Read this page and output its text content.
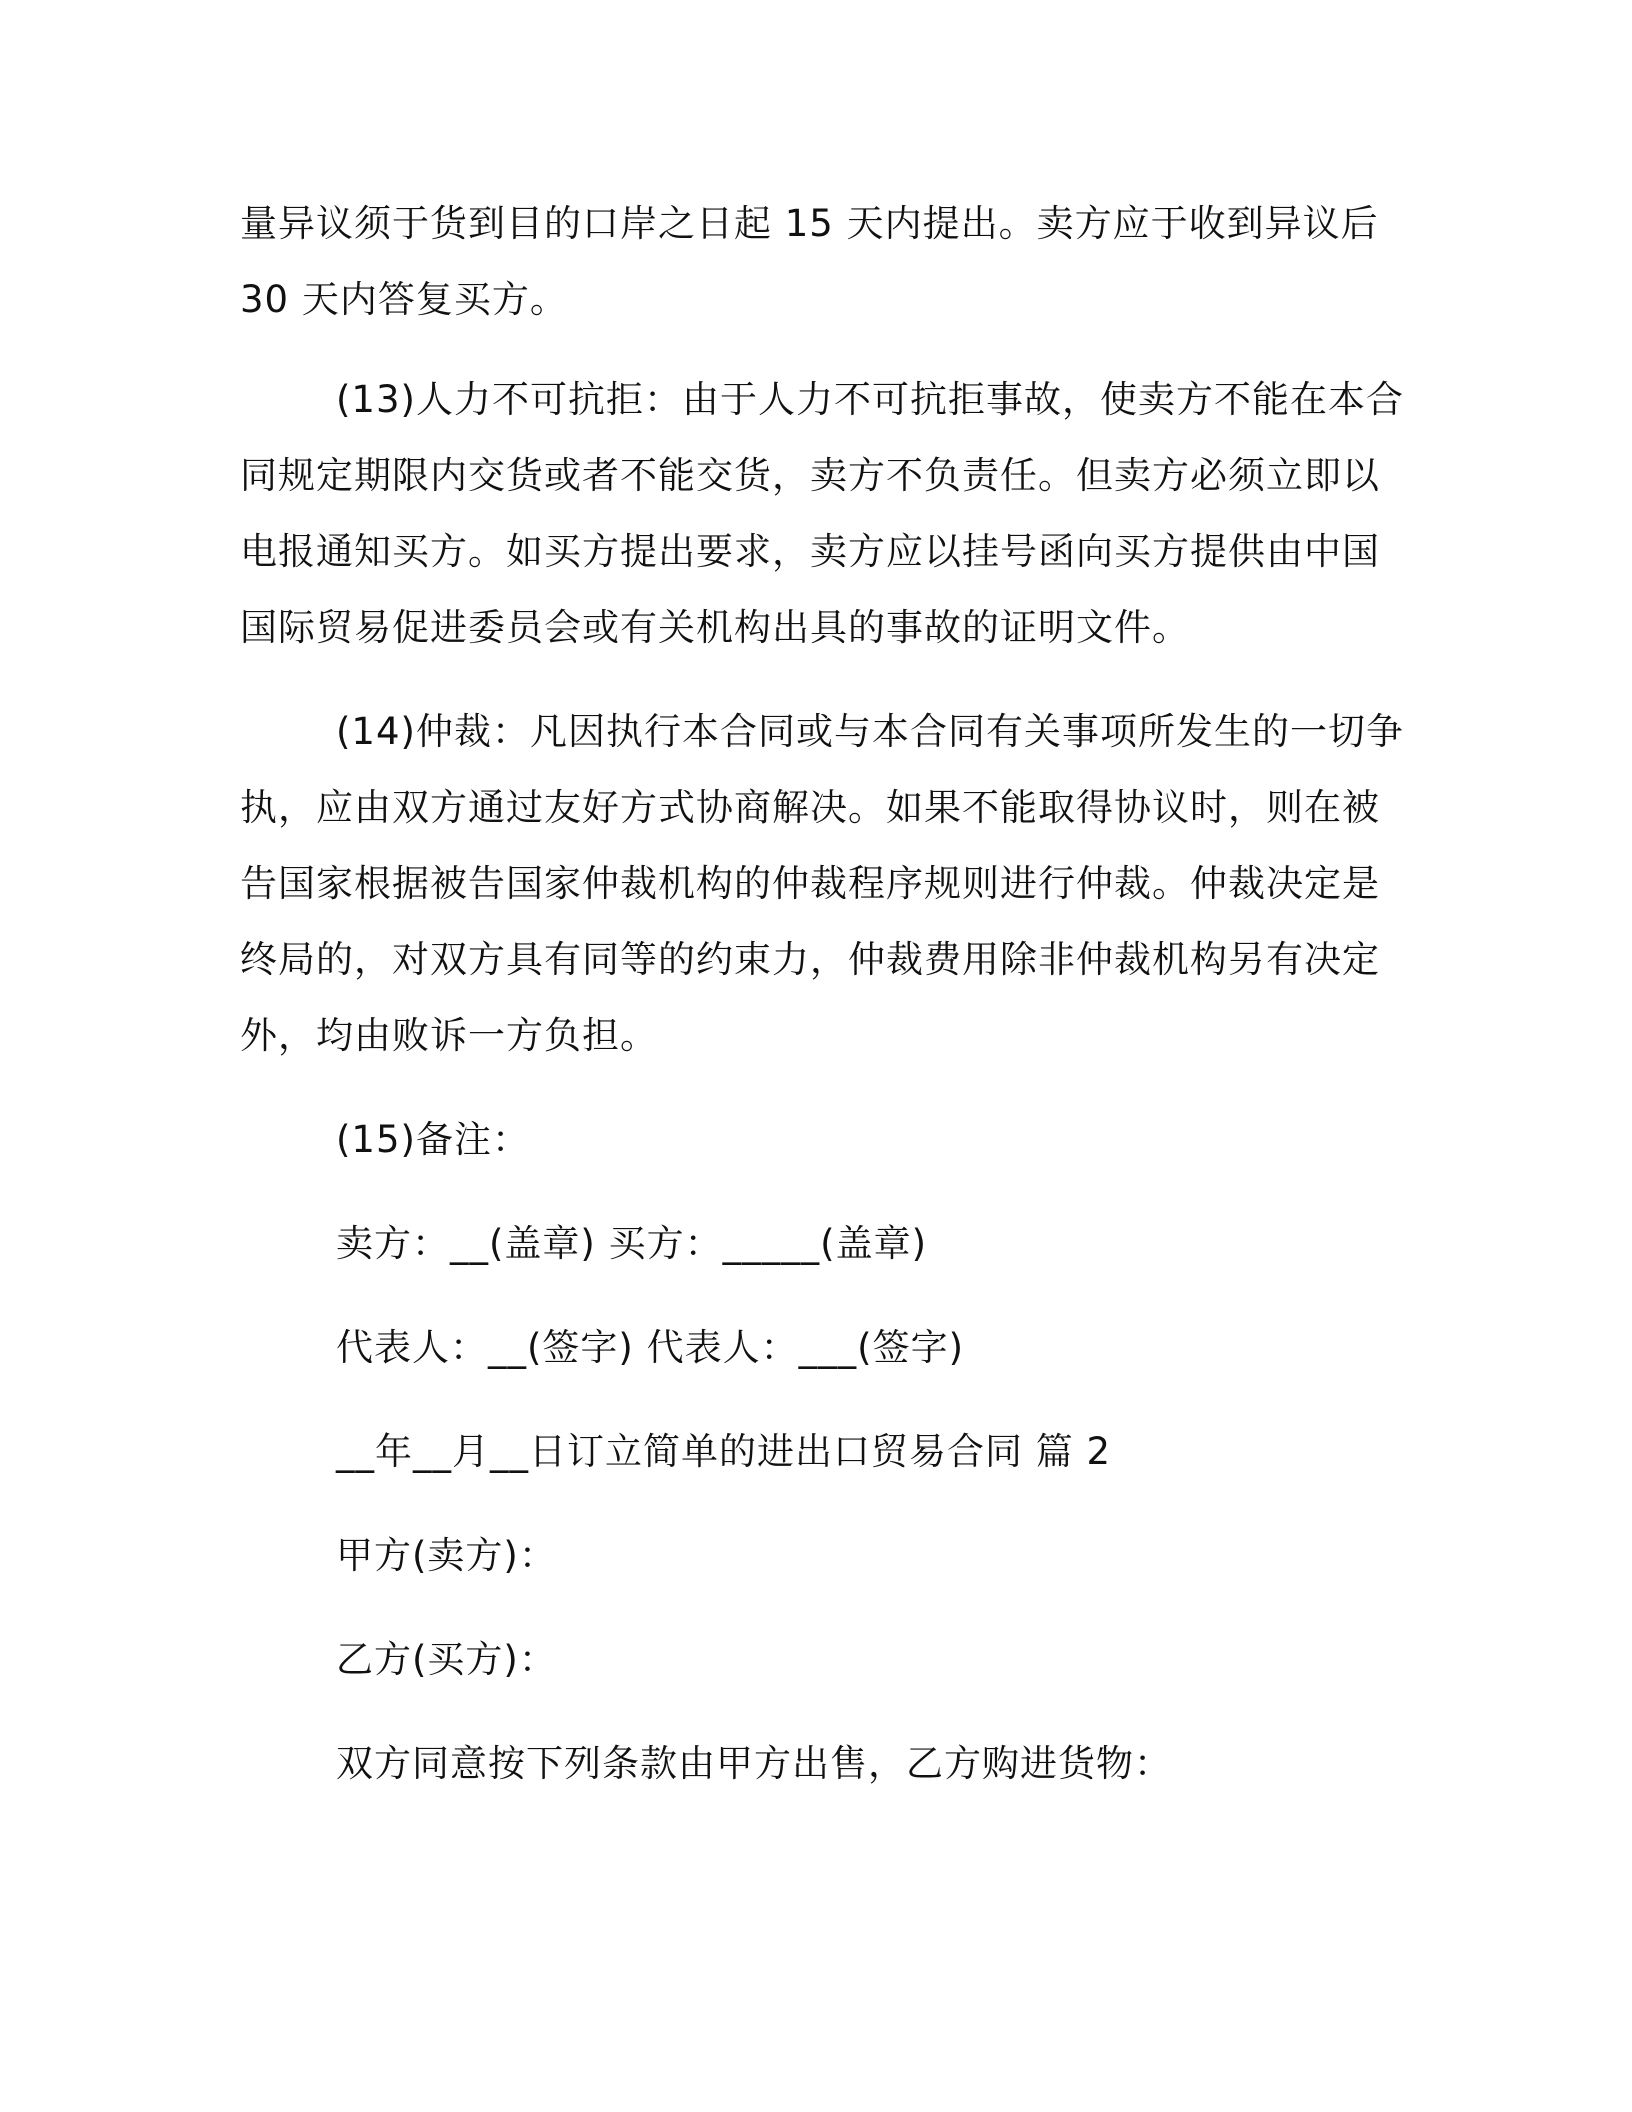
量异议须于货到目的口岸之日起 15 天内提出。卖方应于收到异议后
30 天内答复买方。
(13)人力不可抗拒：由于人力不可抗拒事故，使卖方不能在本合
同规定期限内交货或者不能交货，卖方不负责任。但卖方必须立即以
电报通知买方。如买方提出要求，卖方应以挂号函向买方提供由中国
国际贸易促进委员会或有关机构出具的事故的证明文件。
(14)仲裁：凡因执行本合同或与本合同有关事项所发生的一切争
执，应由双方通过友好方式协商解决。如果不能取得协议时，则在被
告国家根据被告国家仲裁机构的仲裁程序规则进行仲裁。仲裁决定是
终局的，对双方具有同等的约束力，仲裁费用除非仲裁机构另有决定
外，均由败诉一方负担。
(15)备注：
卖方：__(盖章) 买方：_____(盖章)
代表人：__(签字) 代表人：___(签字)
__年__月__日订立简单的进出口贸易合同 篇 2
甲方(卖方)：
乙方(买方)：
双方同意按下列条款由甲方出售，乙方购进货物：
